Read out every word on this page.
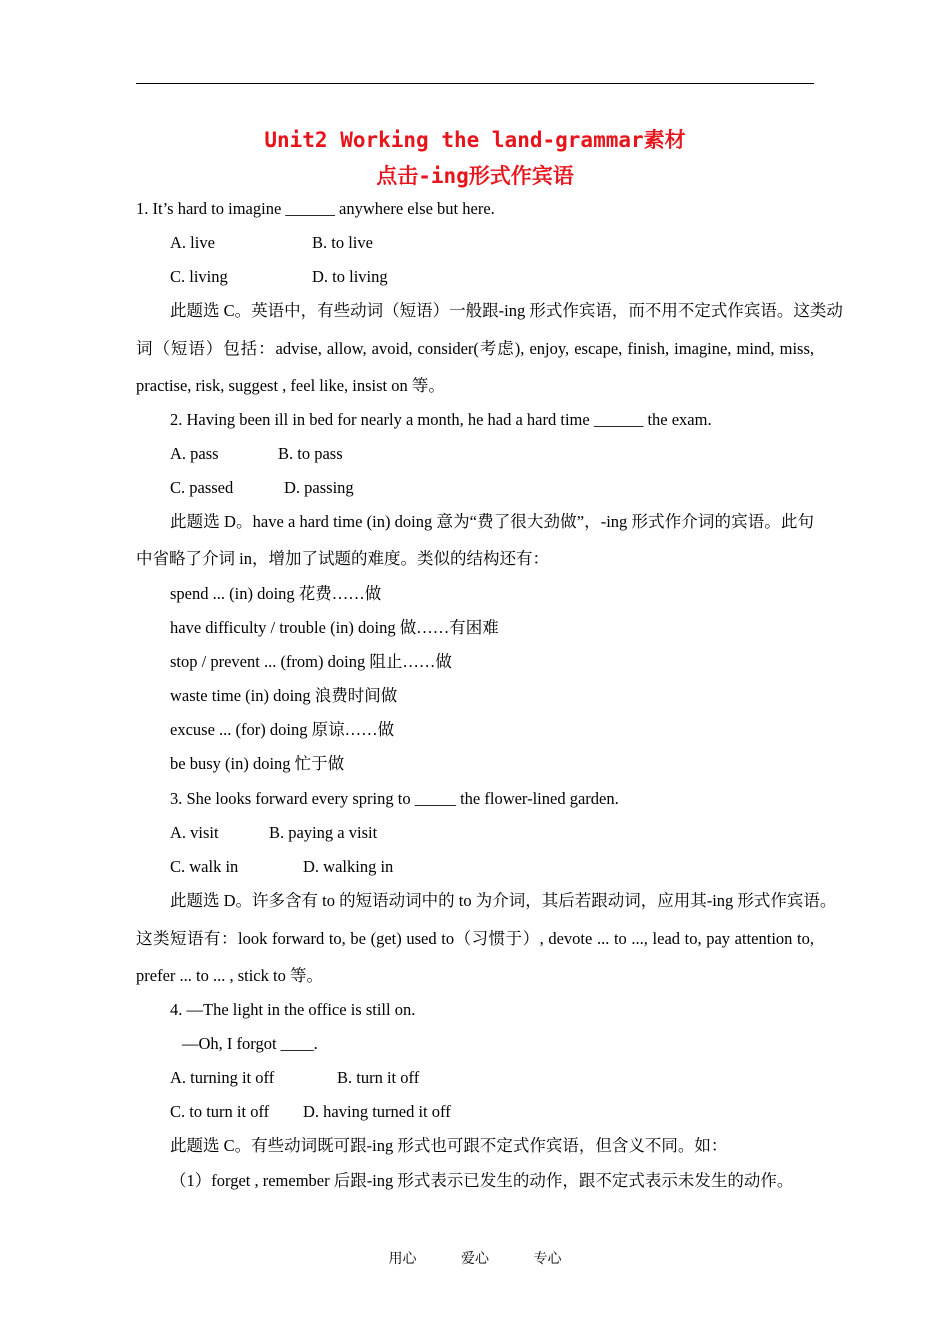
Unit2 Working the land-grammar素材
点击-ing形式作宾语
1. It’s hard to imagine ______ anywhere else but here.
A. live	B. to live
C. living	D. to living
此题选 C。英语中，有些动词（短语）一般跟-ing 形式作宾语，而不用不定式作宾语。这类动
词（短语）包括：advise, allow, avoid, consider(考虑), enjoy, escape, finish, imagine, mind, miss,
practise, risk, suggest , feel like, insist on 等。
2. Having been ill in bed for nearly a month, he had a hard time ______ the exam.
A. pass	B. to pass
C. passed	D. passing
此题选 D。have a hard time (in) doing 意为“费了很大劲做”，-ing 形式作介词的宾语。此句
中省略了介词 in，增加了试题的难度。类似的结构还有：
spend ... (in) doing 花费……做
have difficulty / trouble (in) doing 做……有困难
stop / prevent ... (from) doing 阻止……做
waste time (in) doing 浪费时间做
excuse ... (for) doing 原谅……做
be busy (in) doing 忙于做
3. She looks forward every spring to _____ the flower-lined garden.
A. visit	B. paying a visit
C. walk in	D. walking in
此题选 D。许多含有 to 的短语动词中的 to 为介词，其后若跟动词，应用其-ing 形式作宾语。
这类短语有：look forward to, be (get) used to（习惯于）, devote ... to ..., lead to, pay attention to,
prefer ... to ... , stick to 等。
4. —The light in the office is still on.
—Oh, I forgot ____.
A. turning it off	B. turn it off
C. to turn it off D. having turned it off
此题选 C。有些动词既可跟-ing 形式也可跟不定式作宾语，但含义不同。如：
（1）forget , remember 后跟-ing 形式表示已发生的动作，跟不定式表示未发生的动作。
用心	爱心	专心
